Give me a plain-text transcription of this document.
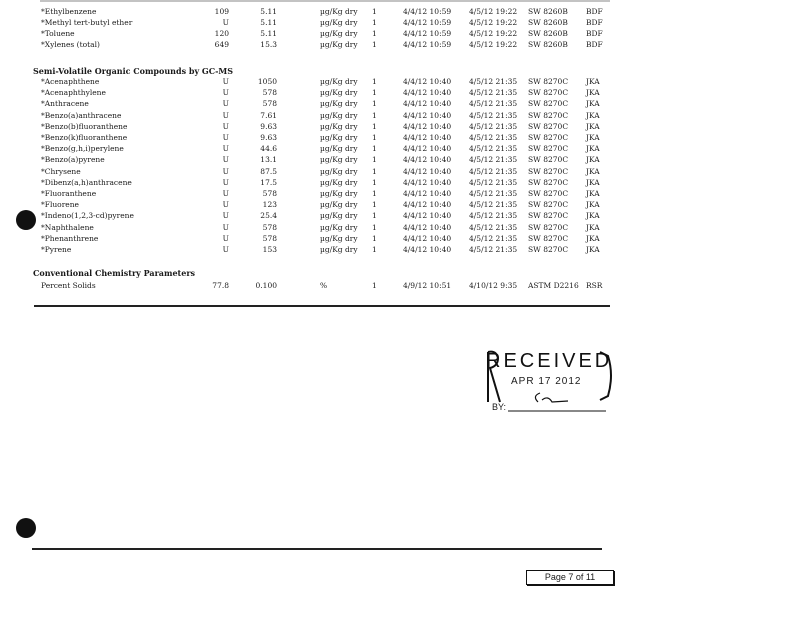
*Ethylbenzene	109	5.11	µg/Kg dry 1	4/4/12 10:59 4/5/12 19:22 SW 8260B BDF
*Methyl tert-butyl ether	U	5.11	µg/Kg dry 1	4/4/12 10:59 4/5/12 19:22 SW 8260B BDF
*Toluene	120	5.11	µg/Kg dry 1	4/4/12 10:59 4/5/12 19:22 SW 8260B BDF
*Xylenes (total)	649	15.3	µg/Kg dry 1	4/4/12 10:59 4/5/12 19:22 SW 8260B BDF
Semi-Volatile Organic Compounds by GC-MS
*Acenaphthene	U	1050	µg/Kg dry 1	4/4/12 10:40 4/5/12 21:35 SW 8270C JKA
*Acenaphthylene	U	578	µg/Kg dry 1	4/4/12 10:40 4/5/12 21:35 SW 8270C JKA
*Anthracene	U	578	µg/Kg dry 1	4/4/12 10:40 4/5/12 21:35 SW 8270C JKA
*Benzo(a)anthracene	U	7.61	µg/Kg dry 1	4/4/12 10:40 4/5/12 21:35 SW 8270C JKA
*Benzo(b)fluoranthene	U	9.63	µg/Kg dry 1	4/4/12 10:40 4/5/12 21:35 SW 8270C JKA
*Benzo(k)fluoranthene	U	9.63	µg/Kg dry 1	4/4/12 10:40 4/5/12 21:35 SW 8270C JKA
*Benzo(g,h,i)perylene	U	44.6	µg/Kg dry 1	4/4/12 10:40 4/5/12 21:35 SW 8270C JKA
*Benzo(a)pyrene	U	13.1	µg/Kg dry 1	4/4/12 10:40 4/5/12 21:35 SW 8270C JKA
*Chrysene	U	87.5	µg/Kg dry 1	4/4/12 10:40 4/5/12 21:35 SW 8270C JKA
*Dibenz(a,h)anthracene	U	17.5	µg/Kg dry 1	4/4/12 10:40 4/5/12 21:35 SW 8270C JKA
*Fluoranthene	U	578	µg/Kg dry 1	4/4/12 10:40 4/5/12 21:35 SW 8270C JKA
*Fluorene	U	123	µg/Kg dry 1	4/4/12 10:40 4/5/12 21:35 SW 8270C JKA
*Indeno(1,2,3-cd)pyrene	U	25.4	µg/Kg dry 1	4/4/12 10:40 4/5/12 21:35 SW 8270C JKA
*Naphthalene	U	578	µg/Kg dry 1	4/4/12 10:40 4/5/12 21:35 SW 8270C JKA
*Phenanthrene	U	578	µg/Kg dry 1	4/4/12 10:40 4/5/12 21:35 SW 8270C JKA
*Pyrene	U	153	µg/Kg dry 1	4/4/12 10:40 4/5/12 21:35 SW 8270C JKA
Conventional Chemistry Parameters
Percent Solids	77.8	0.100	%	1	4/9/12 10:51 4/10/12 9:35 ASTM D2216 RSR
RECEIVED
APR 17 2012
BY:
Page 7 of 11
